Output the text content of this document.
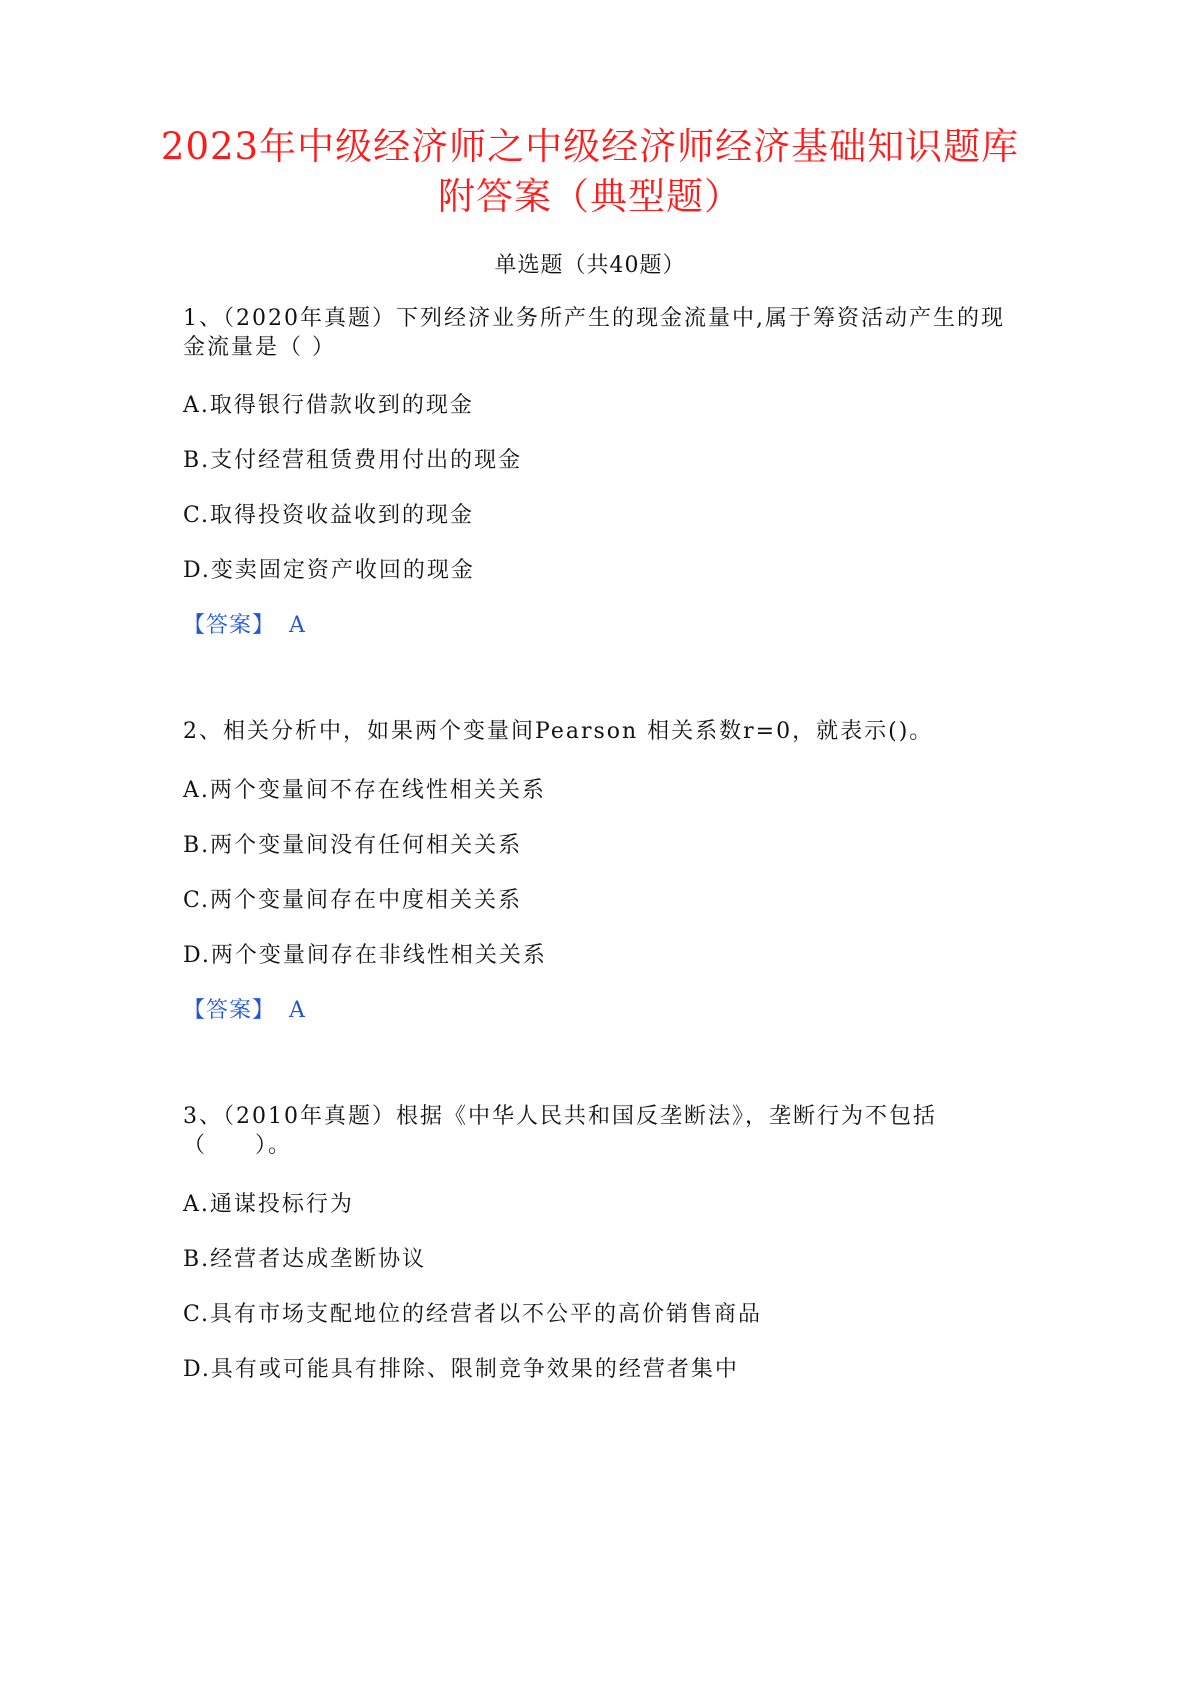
2023年中级经济师之中级经济师经济基础知识题库
附答案（典型题）
单选题（共40题）
1、（2020年真题）下列经济业务所产生的现金流量中,属于筹资活动产生的现
金流量是（ ）
A.取得银行借款收到的现金
B.支付经营租赁费用付出的现金
C.取得投资收益收到的现金
D.变卖固定资产收回的现金
【答案】 A
2、相关分析中，如果两个变量间Pearson 相关系数r=0，就表示()。
A.两个变量间不存在线性相关关系
B.两个变量间没有任何相关关系
C.两个变量间存在中度相关关系
D.两个变量间存在非线性相关关系
【答案】 A
3、（2010年真题）根据《中华人民共和国反垄断法》，垄断行为不包括
（　　）。
A.通谋投标行为
B.经营者达成垄断协议
C.具有市场支配地位的经营者以不公平的高价销售商品
D.具有或可能具有排除、限制竞争效果的经营者集中
